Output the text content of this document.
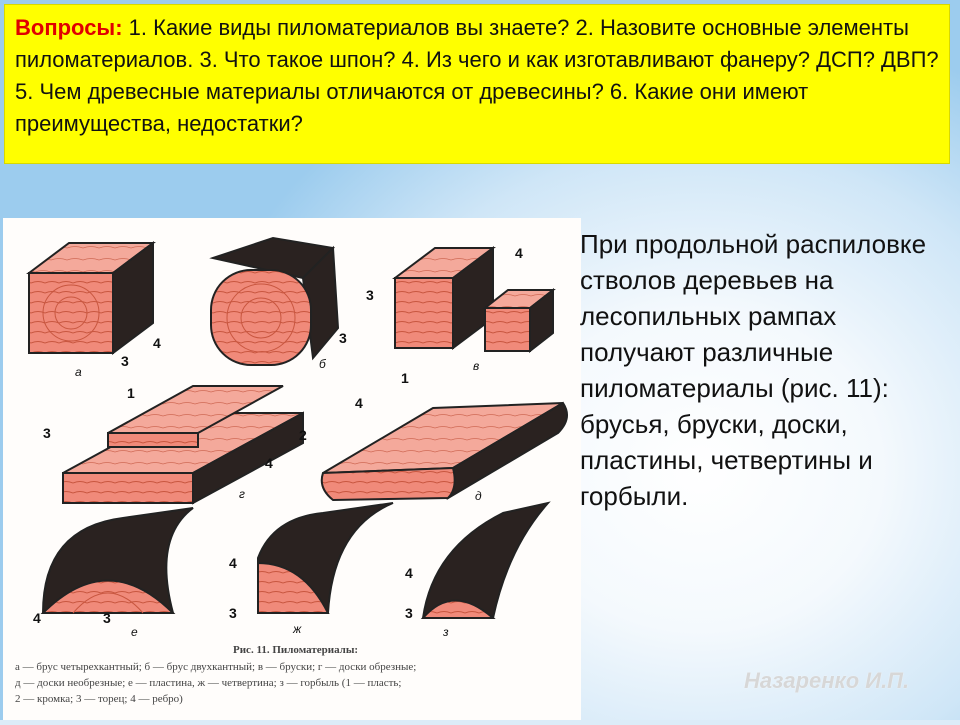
Вопросы: 1. Какие виды пиломатериалов вы знаете? 2. Назовите основные элементы пиломатериалов. 3. Что такое шпон? 4. Из чего и как изготавливают фанеру? ДСП? ДВП? 5. Чем древесные материалы отличаются от древесины? 6. Какие они имеют преимущества, недостатки?
4
3
3
3
4
1
2
3
4
1
4
3
4
4
3
4
3
а
б	в
г	д
е	ж	з
Рис. 11. Пиломатериалы:
а — брус четырехкантный; б — брус двухкантный; в — бруски; г — доски обрезные;
д — доски необрезные; е — пластина, ж — четвертина; з — горбыль (1 — пласть;
2 — кромка; 3 — торец; 4 — ребро)
При продольной распиловке стволов деревьев на лесопильных рампах получают различные пиломатериалы (рис. 11): брусья, бруски, доски, пластины, четвертины и горбыли.
Назаренко И.П.
